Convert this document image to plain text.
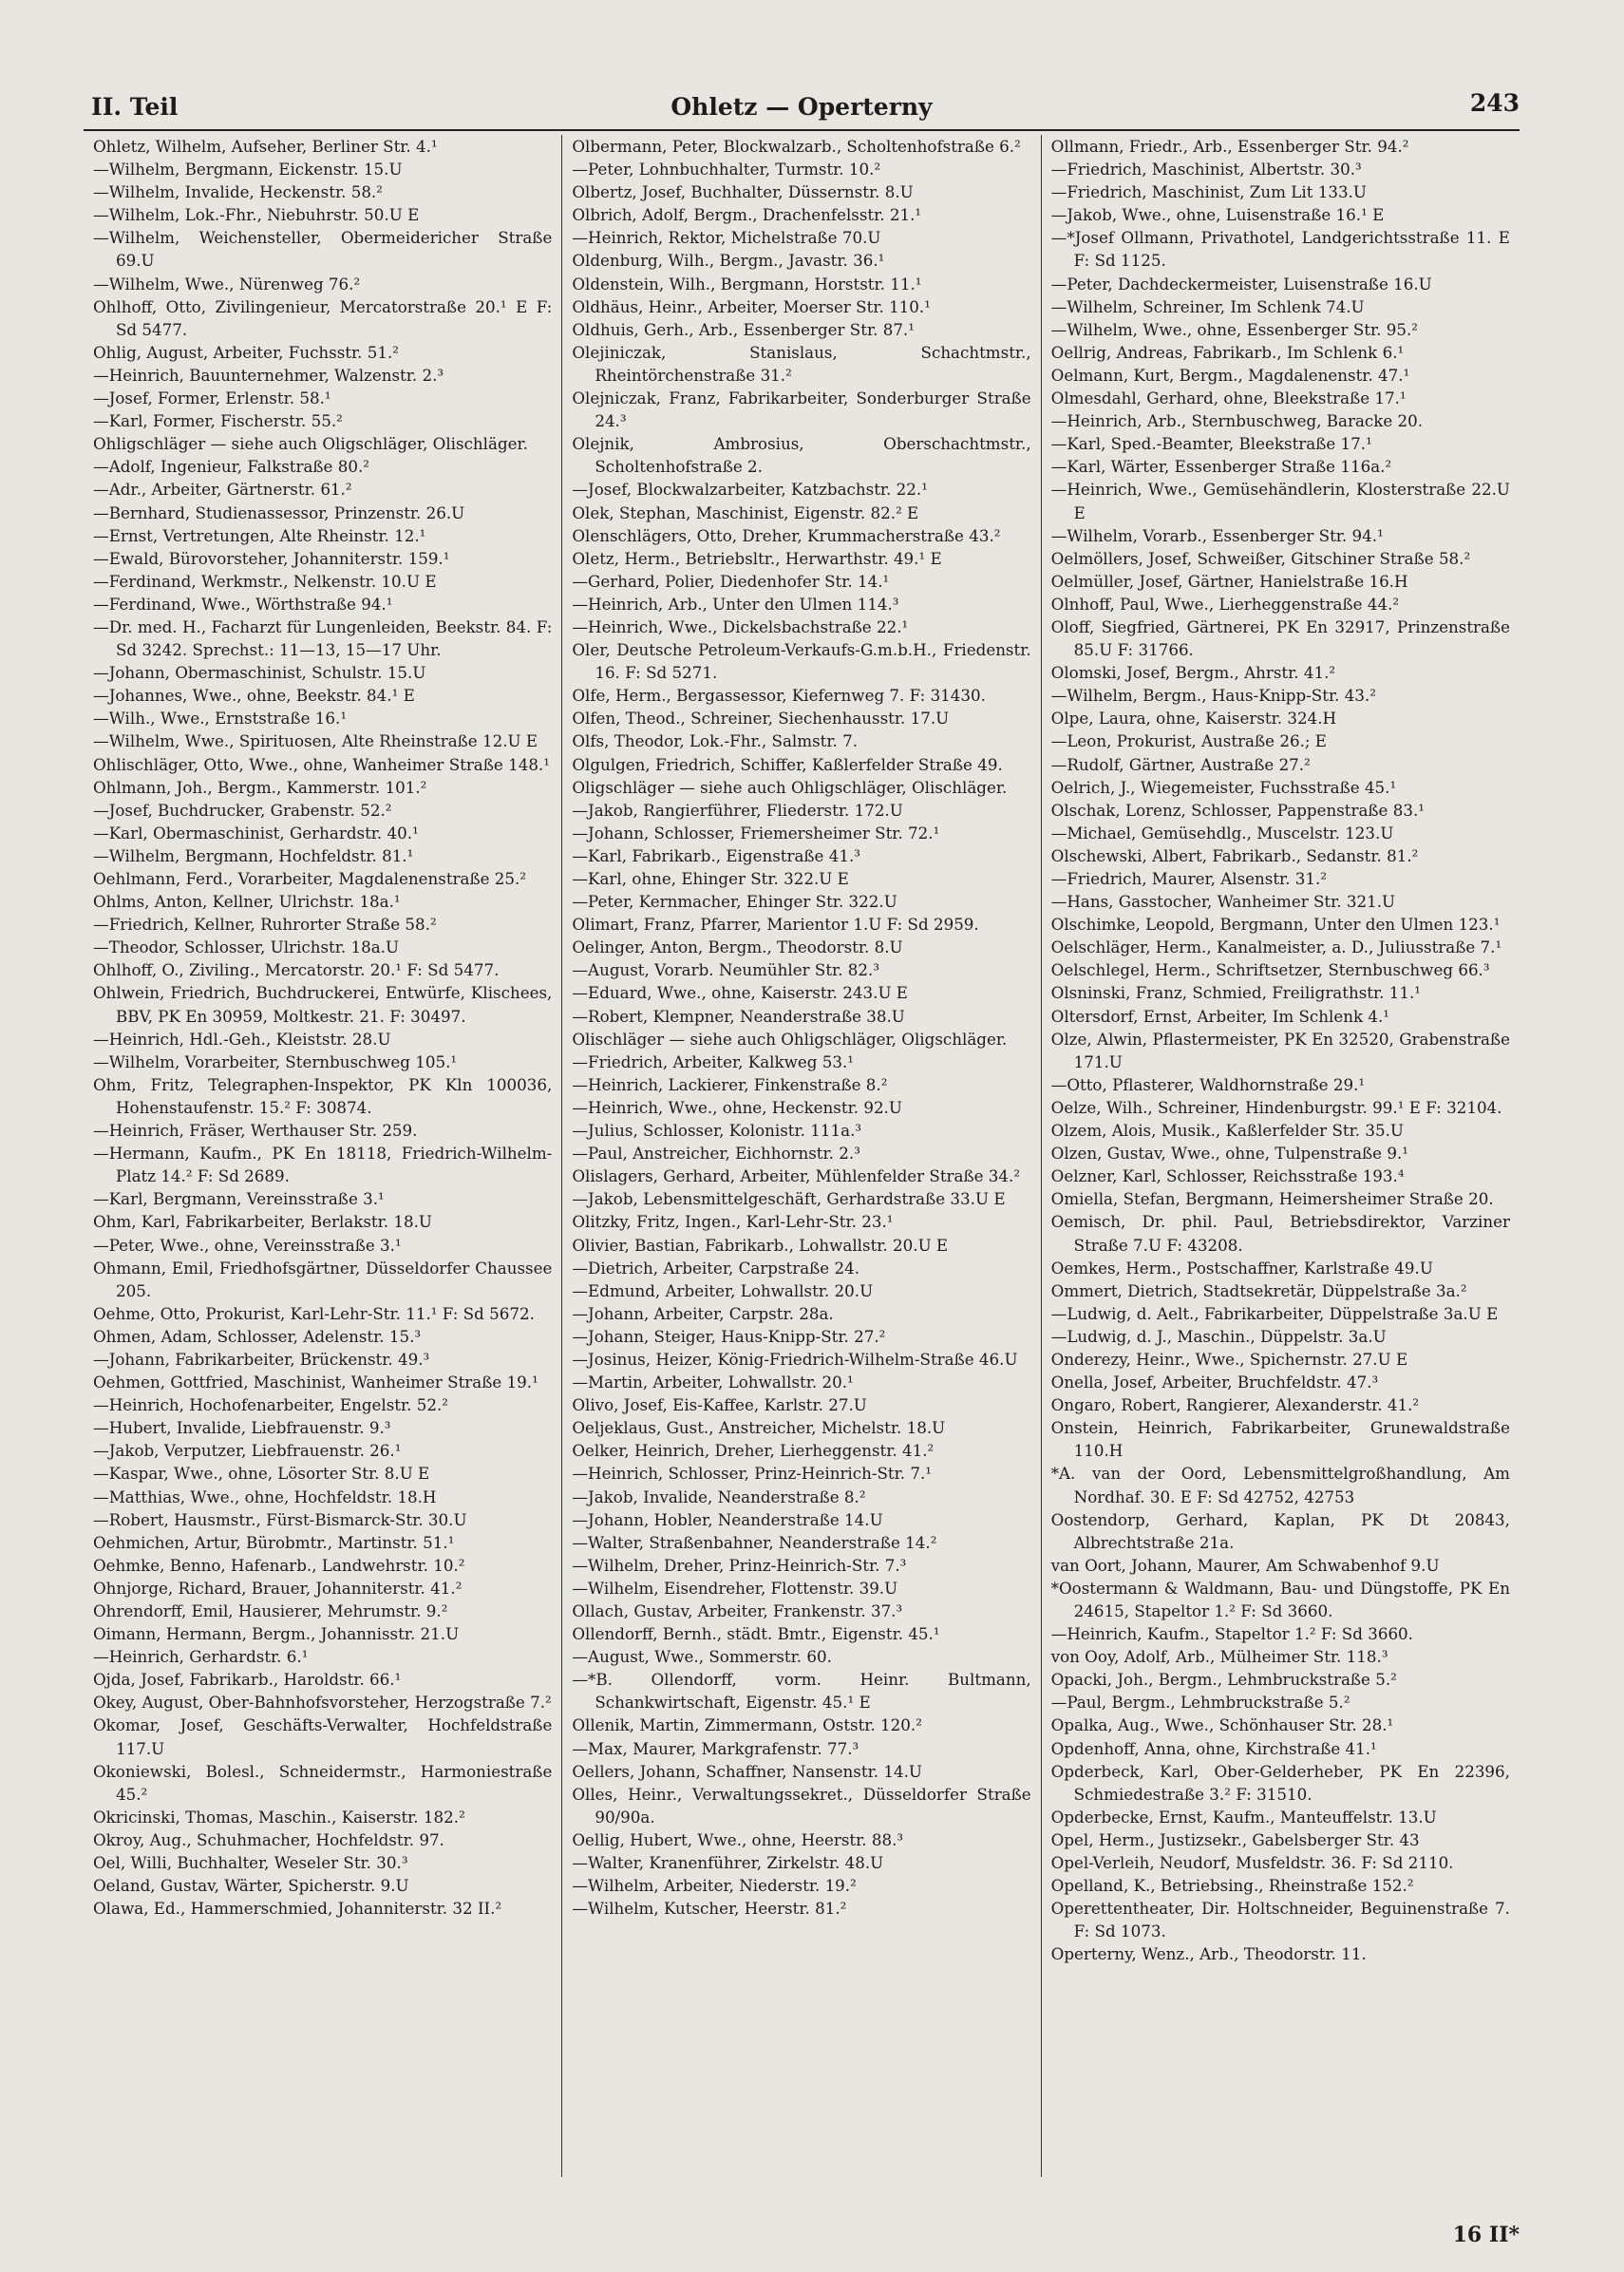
II. Teil	Ohletz — Operterny	243
Ohletz, Wilhelm, Aufseher, Berliner Str. 4.¹
—Wilhelm, Bergmann, Eickenstr. 15.U
—Wilhelm, Invalide, Heckenstr. 58.²
—Wilhelm, Lok.-Fhr., Niebuhrstr. 50.U E
—Wilhelm, Weichensteller, Obermeidericher Straße 69.U
—Wilhelm, Wwe., Nürenweg 76.²
Ohlhoff, Otto, Zivilingenieur, Mercatorstraße 20.¹ E F: Sd 5477.
Ohlig, August, Arbeiter, Fuchsstr. 51.²
—Heinrich, Bauunternehmer, Walzenstr. 2.³
—Josef, Former, Erlenstr. 58.¹
—Karl, Former, Fischerstr. 55.²
Ohligschläger — siehe auch Oligschläger, Olischläger.
—Adolf, Ingenieur, Falkstraße 80.²
—Adr., Arbeiter, Gärtnerstr. 61.²
—Bernhard, Studienassessor, Prinzenstr. 26.U
—Ernst, Vertretungen, Alte Rheinstr. 12.¹
—Ewald, Bürovorsteher, Johanniterstr. 159.¹
—Ferdinand, Werkmstr., Nelkenstr. 10.U E
—Ferdinand, Wwe., Wörthstraße 94.¹
—Dr. med. H., Facharzt für Lungenleiden, Beekstr. 84. F: Sd 3242. Sprechst.: 11—13, 15—17 Uhr.
—Johann, Obermaschinist, Schulstr. 15.U
—Johannes, Wwe., ohne, Beekstr. 84.¹ E
—Wilh., Wwe., Ernststraße 16.¹
—Wilhelm, Wwe., Spirituosen, Alte Rheinstraße 12.U E
Ohlischläger, Otto, Wwe., ohne, Wanheimer Straße 148.¹
Ohlmann, Joh., Bergm., Kammerstr. 101.²
—Josef, Buchdrucker, Grabenstr. 52.²
—Karl, Obermaschinist, Gerhardstr. 40.¹
—Wilhelm, Bergmann, Hochfeldstr. 81.¹
Oehlmann, Ferd., Vorarbeiter, Magdalenenstraße 25.²
Ohlms, Anton, Kellner, Ulrichstr. 18a.¹
—Friedrich, Kellner, Ruhrorter Straße 58.²
—Theodor, Schlosser, Ulrichstr. 18a.U
Ohlhoff, O., Ziviling., Mercatorstr. 20.¹ F: Sd 5477.
Ohlwein, Friedrich, Buchdruckerei, Entwürfe, Klischees, BBV, PK En 30959, Moltkestr. 21. F: 30497.
—Heinrich, Hdl.-Geh., Kleiststr. 28.U
—Wilhelm, Vorarbeiter, Sternbuschweg 105.¹
Ohm, Fritz, Telegraphen-Inspektor, PK Kln 100036, Hohenstaufenstr. 15.² F: 30874.
—Heinrich, Fräser, Werthauser Str. 259.
—Hermann, Kaufm., PK En 18118, Friedrich-Wilhelm-Platz 14.² F: Sd 2689.
—Karl, Bergmann, Vereinsstraße 3.¹
Ohm, Karl, Fabrikarbeiter, Berlakstr. 18.U
—Peter, Wwe., ohne, Vereinsstraße 3.¹
Ohmann, Emil, Friedhofsgärtner, Düsseldorfer Chaussee 205.
Oehme, Otto, Prokurist, Karl-Lehr-Str. 11.¹ F: Sd 5672.
Ohmen, Adam, Schlosser, Adelenstr. 15.³
—Johann, Fabrikarbeiter, Brückenstr. 49.³
Oehmen, Gottfried, Maschinist, Wanheimer Straße 19.¹
—Heinrich, Hochofenarbeiter, Engelstr. 52.²
—Hubert, Invalide, Liebfrauenstr. 9.³
—Jakob, Verputzer, Liebfrauenstr. 26.¹
—Kaspar, Wwe., ohne, Lösorter Str. 8.U E
—Matthias, Wwe., ohne, Hochfeldstr. 18.H
—Robert, Hausmstr., Fürst-Bismarck-Str. 30.U
Oehmichen, Artur, Bürobmtr., Martinstr. 51.¹
Oehmke, Benno, Hafenarb., Landwehrstr. 10.²
Ohnjorge, Richard, Brauer, Johanniterstr. 41.²
Ohrendorff, Emil, Hausierer, Mehrumstr. 9.²
Oimann, Hermann, Bergm., Johannisstr. 21.U
—Heinrich, Gerhardstr. 6.¹
Ojda, Josef, Fabrikarb., Haroldstr. 66.¹
Okey, August, Ober-Bahnhofsvorsteher, Herzogstraße 7.²
Okomar, Josef, Geschäfts-Verwalter, Hochfeldstraße 117.U
Okoniewski, Bolesl., Schneidermstr., Harmoniestraße 45.²
Okricinski, Thomas, Maschin., Kaiserstr. 182.²
Okroy, Aug., Schuhmacher, Hochfeldstr. 97.
Oel, Willi, Buchhalter, Weseler Str. 30.³
Oeland, Gustav, Wärter, Spicherstr. 9.U
Olawa, Ed., Hammerschmied, Johanniterstr. 32 II.²
Olbermann, Peter, Blockwalzarb., Scholtenhofstraße 6.²
—Peter, Lohnbuchhalter, Turmstr. 10.²
Olbertz, Josef, Buchhalter, Düssernstr. 8.U
Olbrich, Adolf, Bergm., Drachenfelsstr. 21.¹
—Heinrich, Rektor, Michelstraße 70.U
Oldenburg, Wilh., Bergm., Javastr. 36.¹
Oldenstein, Wilh., Bergmann, Horststr. 11.¹
Oldhäus, Heinr., Arbeiter, Moerser Str. 110.¹
Oldhuis, Gerh., Arb., Essenberger Str. 87.¹
Olejiniczak, Stanislaus, Schachtmstr., Rheintörchenstraße 31.²
Olejniczak, Franz, Fabrikarbeiter, Sonderburger Straße 24.³
Olejnik, Ambrosius, Oberschachtmstr., Scholtenhofstraße 2.
—Josef, Blockwalzarbeiter, Katzbachstr. 22.¹
Olek, Stephan, Maschinist, Eigenstr. 82.² E
Olenschlägers, Otto, Dreher, Krummacherstraße 43.²
Oletz, Herm., Betriebsltr., Herwarthstr. 49.¹ E
—Gerhard, Polier, Diedenhofer Str. 14.¹
—Heinrich, Arb., Unter den Ulmen 114.³
—Heinrich, Wwe., Dickelsbachstraße 22.¹
Oler, Deutsche Petroleum-Verkaufs-G.m.b.H., Friedenstr. 16. F: Sd 5271.
Olfe, Herm., Bergassessor, Kiefernweg 7. F: 31430.
Olfen, Theod., Schreiner, Siechenhausstr. 17.U
Olfs, Theodor, Lok.-Fhr., Salmstr. 7.
Olgulgen, Friedrich, Schiffer, Kaßlerfelder Straße 49.
Oligschläger — siehe auch Ohligschläger, Olischläger.
—Jakob, Rangierführer, Fliederstr. 172.U
—Johann, Schlosser, Friemersheimer Str. 72.¹
—Karl, Fabrikarb., Eigenstraße 41.³
—Karl, ohne, Ehinger Str. 322.U E
—Peter, Kernmacher, Ehinger Str. 322.U
Olimart, Franz, Pfarrer, Marientor 1.U F: Sd 2959.
Oelinger, Anton, Bergm., Theodorstr. 8.U
—August, Vorarb. Neumühler Str. 82.³
—Eduard, Wwe., ohne, Kaiserstr. 243.U E
—Robert, Klempner, Neanderstraße 38.U
Olischläger — siehe auch Ohligschläger, Oligschläger.
—Friedrich, Arbeiter, Kalkweg 53.¹
—Heinrich, Lackierer, Finkenstraße 8.²
—Heinrich, Wwe., ohne, Heckenstr. 92.U
—Julius, Schlosser, Kolonistr. 111a.³
—Paul, Anstreicher, Eichhornstr. 2.³
Olislagers, Gerhard, Arbeiter, Mühlenfelder Straße 34.²
—Jakob, Lebensmittelgeschäft, Gerhardstraße 33.U E
Olitzky, Fritz, Ingen., Karl-Lehr-Str. 23.¹
Olivier, Bastian, Fabrikarb., Lohwallstr. 20.U E
—Dietrich, Arbeiter, Carpstraße 24.
—Edmund, Arbeiter, Lohwallstr. 20.U
—Johann, Arbeiter, Carpstr. 28a.
—Johann, Steiger, Haus-Knipp-Str. 27.²
—Josinus, Heizer, König-Friedrich-Wilhelm-Straße 46.U
—Martin, Arbeiter, Lohwallstr. 20.¹
Olivo, Josef, Eis-Kaffee, Karlstr. 27.U
Oeljeklaus, Gust., Anstreicher, Michelstr. 18.U
Oelker, Heinrich, Dreher, Lierheggenstr. 41.²
—Heinrich, Schlosser, Prinz-Heinrich-Str. 7.¹
—Jakob, Invalide, Neanderstraße 8.²
—Johann, Hobler, Neanderstraße 14.U
—Walter, Straßenbahner, Neanderstraße 14.²
—Wilhelm, Dreher, Prinz-Heinrich-Str. 7.³
—Wilhelm, Eisendreher, Flottenstr. 39.U
Ollach, Gustav, Arbeiter, Frankenstr. 37.³
Ollendorff, Bernh., städt. Bmtr., Eigenstr. 45.¹
—August, Wwe., Sommerstr. 60.
—*B. Ollendorff, vorm. Heinr. Bultmann, Schankwirtschaft, Eigenstr. 45.¹ E
Ollenik, Martin, Zimmermann, Oststr. 120.²
—Max, Maurer, Markgrafenstr. 77.³
Oellers, Johann, Schaffner, Nansenstr. 14.U
Olles, Heinr., Verwaltungssekret., Düsseldorfer Straße 90/90a.
Oellig, Hubert, Wwe., ohne, Heerstr. 88.³
—Walter, Kranenführer, Zirkelstr. 48.U
—Wilhelm, Arbeiter, Niederstr. 19.²
—Wilhelm, Kutscher, Heerstr. 81.²
Ollmann, Friedr., Arb., Essenberger Str. 94.²
—Friedrich, Maschinist, Albertstr. 30.³
—Friedrich, Maschinist, Zum Lit 133.U
—Jakob, Wwe., ohne, Luisenstraße 16.¹ E
—*Josef Ollmann, Privathotel, Landgerichtsstraße 11. E F: Sd 1125.
—Peter, Dachdeckermeister, Luisenstraße 16.U
—Wilhelm, Schreiner, Im Schlenk 74.U
—Wilhelm, Wwe., ohne, Essenberger Str. 95.²
Oellrig, Andreas, Fabrikarb., Im Schlenk 6.¹
Oelmann, Kurt, Bergm., Magdalenenstr. 47.¹
Olmesdahl, Gerhard, ohne, Bleekstraße 17.¹
—Heinrich, Arb., Sternbuschweg, Baracke 20.
—Karl, Sped.-Beamter, Bleekstraße 17.¹
—Karl, Wärter, Essenberger Straße 116a.²
—Heinrich, Wwe., Gemüsehändlerin, Klosterstraße 22.U E
—Wilhelm, Vorarb., Essenberger Str. 94.¹
Oelmöllers, Josef, Schweißer, Gitschiner Straße 58.²
Oelmüller, Josef, Gärtner, Hanielstraße 16.H
Olnhoff, Paul, Wwe., Lierheggenstraße 44.²
Oloff, Siegfried, Gärtnerei, PK En 32917, Prinzenstraße 85.U F: 31766.
Olomski, Josef, Bergm., Ahrstr. 41.²
—Wilhelm, Bergm., Haus-Knipp-Str. 43.²
Olpe, Laura, ohne, Kaiserstr. 324.H
—Leon, Prokurist, Austraße 26.; E
—Rudolf, Gärtner, Austraße 27.²
Oelrich, J., Wiegemeister, Fuchsstraße 45.¹
Olschak, Lorenz, Schlosser, Pappenstraße 83.¹
—Michael, Gemüsehdlg., Muscelstr. 123.U
Olschewski, Albert, Fabrikarb., Sedanstr. 81.²
—Friedrich, Maurer, Alsenstr. 31.²
—Hans, Gasstocher, Wanheimer Str. 321.U
Olschimke, Leopold, Bergmann, Unter den Ulmen 123.¹
Oelschläger, Herm., Kanalmeister, a. D., Juliusstraße 7.¹
Oelschlegel, Herm., Schriftsetzer, Sternbuschweg 66.³
Olsninski, Franz, Schmied, Freiligrathstr. 11.¹
Oltersdorf, Ernst, Arbeiter, Im Schlenk 4.¹
Olze, Alwin, Pflastermeister, PK En 32520, Grabenstraße 171.U
—Otto, Pflasterer, Waldhornstraße 29.¹
Oelze, Wilh., Schreiner, Hindenburgstr. 99.¹ E F: 32104.
Olzem, Alois, Musik., Kaßlerfelder Str. 35.U
Olzen, Gustav, Wwe., ohne, Tulpenstraße 9.¹
Oelzner, Karl, Schlosser, Reichsstraße 193.⁴
Omiella, Stefan, Bergmann, Heimersheimer Straße 20.
Oemisch, Dr. phil. Paul, Betriebsdirektor, Varziner Straße 7.U F: 43208.
Oemkes, Herm., Postschaffner, Karlstraße 49.U
Ommert, Dietrich, Stadtsekretär, Düppelstraße 3a.²
—Ludwig, d. Aelt., Fabrikarbeiter, Düppelstraße 3a.U E
—Ludwig, d. J., Maschin., Düppelstr. 3a.U
Onderezy, Heinr., Wwe., Spichernstr. 27.U E
Onella, Josef, Arbeiter, Bruchfeldstr. 47.³
Ongaro, Robert, Rangierer, Alexanderstr. 41.²
Onstein, Heinrich, Fabrikarbeiter, Grunewaldstraße 110.H
*A. van der Oord, Lebensmittelgroßhandlung, Am Nordhaf. 30. E F: Sd 42752, 42753
Oostendorp, Gerhard, Kaplan, PK Dt 20843, Albrechtstraße 21a.
van Oort, Johann, Maurer, Am Schwabenhof 9.U
*Oostermann & Waldmann, Bau- und Düngstoffe, PK En 24615, Stapeltor 1.² F: Sd 3660.
—Heinrich, Kaufm., Stapeltor 1.² F: Sd 3660.
von Ooy, Adolf, Arb., Mülheimer Str. 118.³
Opacki, Joh., Bergm., Lehmbruckstraße 5.²
—Paul, Bergm., Lehmbruckstraße 5.²
Opalka, Aug., Wwe., Schönhauser Str. 28.¹
Opdenhoff, Anna, ohne, Kirchstraße 41.¹
Opderbeck, Karl, Ober-Gelderheber, PK En 22396, Schmiedestraße 3.² F: 31510.
Opderbecke, Ernst, Kaufm., Manteuffelstr. 13.U
Opel, Herm., Justizsekr., Gabelsberger Str. 43
Opel-Verleih, Neudorf, Musfeldstr. 36. F: Sd 2110.
Opelland, K., Betriebsing., Rheinstraße 152.²
Operettentheater, Dir. Holtschneider, Beguinenstraße 7. F: Sd 1073.
Operterny, Wenz., Arb., Theodorstr. 11.
16 II*
